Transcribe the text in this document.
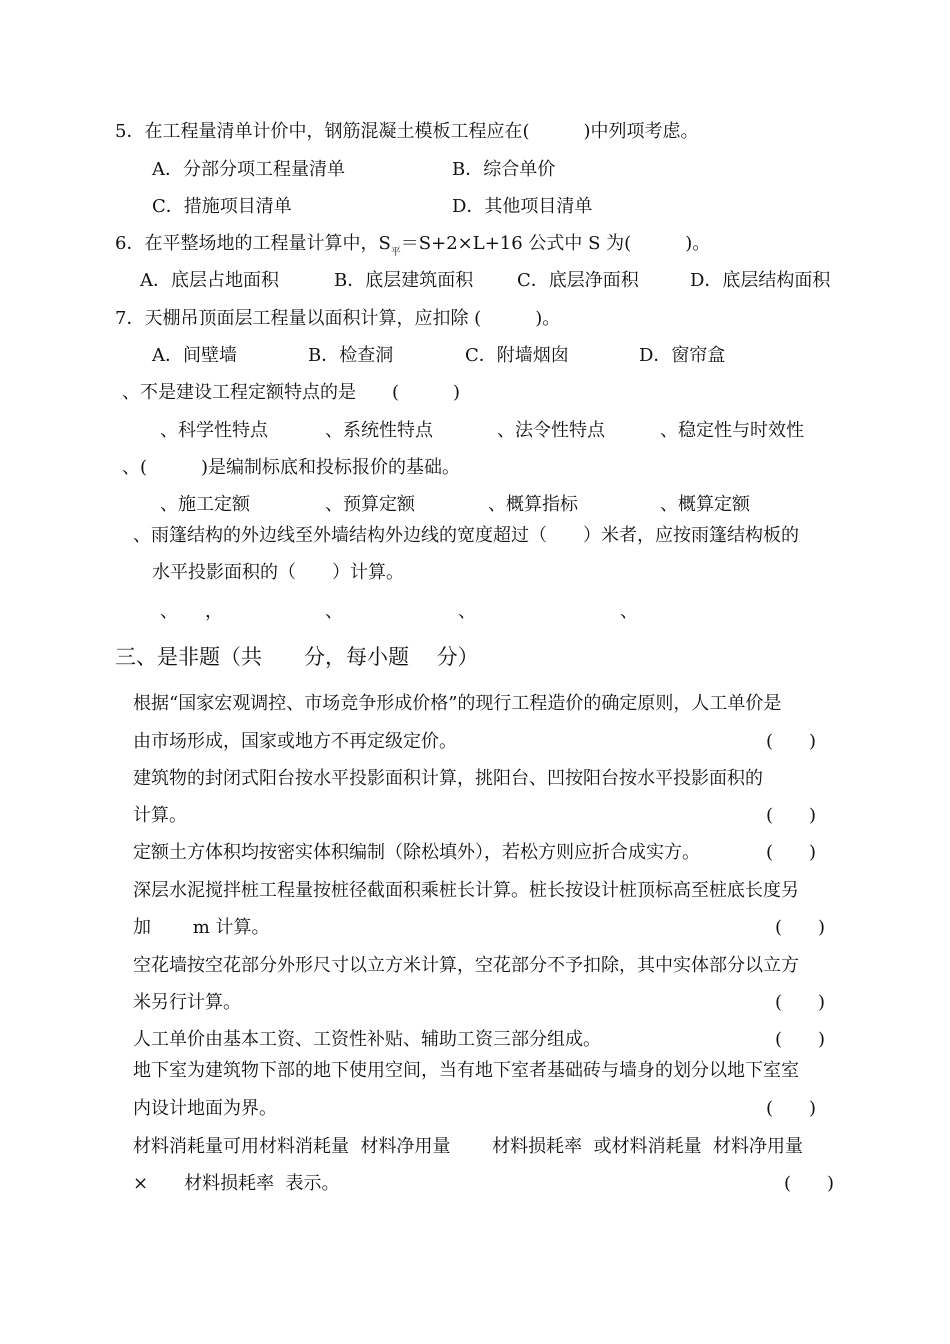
5．在工程量清单计价中，钢筋混凝土模板工程应在(　　　)中列项考虑。
A．分部分项工程量清单	B．综合单价
C．措施项目清单	D．其他项目清单
6．在平整场地的工程量计算中，$S_平=S+2\times L+16$ 公式中 S 为(　　　)。
A．底层占地面积	B．底层建筑面积 C．底层净面积	D．底层结构面积
7．天棚吊顶面层工程量以面积计算，应扣除 (　　　)。
A．间壁墙	B．检查洞	C．附墙烟囱	D．窗帘盒
、不是建设工程定额特点的是　　(　　　)
、科学性特点	、系统性特点	、法令性特点	、稳定性与时效性
、(　　　)是编制标底和投标报价的基础。
、施工定额	、预算定额	、概算指标	、概算定额
、雨篷结构的外边线至外墙结构外边线的宽度超过（　　）米者，应按雨篷结构板的
水平投影面积的（　　）计算。
、　　，	、	、	、
三、是非题（共　　分，每小题　 分）
根据“国家宏观调控、市场竞争形成价格”的现行工程造价的确定原则，人工单价是
由市场形成，国家或地方不再定级定价。	(　　)
建筑物的封闭式阳台按水平投影面积计算，挑阳台、凹按阳台按水平投影面积的
计算。	(　　)
定额土方体积均按密实体积编制（除松填外），若松方则应折合成实方。	(　　)
深层水泥搅拌桩工程量按桩径截面积乘桩长计算。桩长按设计桩顶标高至桩底长度另
加　　 m 计算。	(　　)
空花墙按空花部分外形尺寸以立方米计算，空花部分不予扣除，其中实体部分以立方
米另行计算。	(　　)
人工单价由基本工资、工资性补贴、辅助工资三部分组成。	(　　)
地下室为建筑物下部的地下使用空间，当有地下室者基础砖与墙身的划分以地下室室
内设计地面为界。	(　　)
材料消耗量可用材料消耗量  材料净用量　　 材料损耗率  或材料消耗量  材料净用量
×　　材料损耗率  表示。	(　　)
